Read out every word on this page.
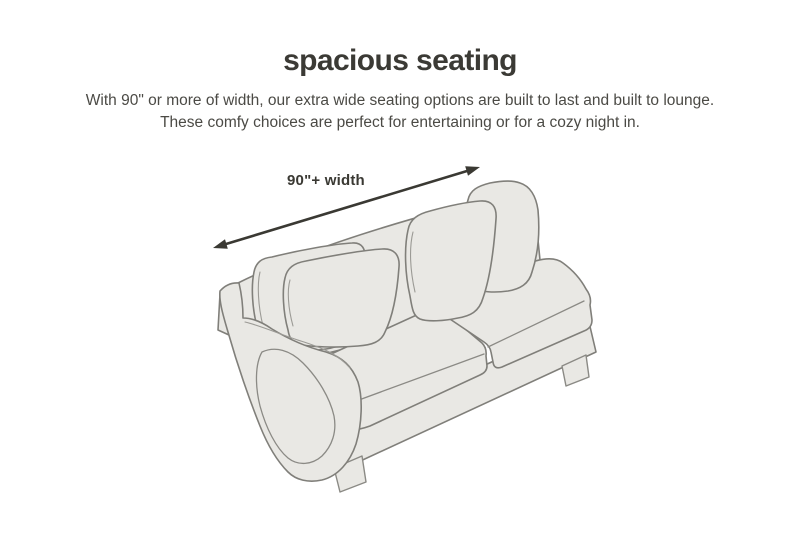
spacious seating

With 90" or more of width, our extra wide seating options are built to last and built to lounge.
These comfy choices are perfect for entertaining or for a cozy night in.

90"+ width
